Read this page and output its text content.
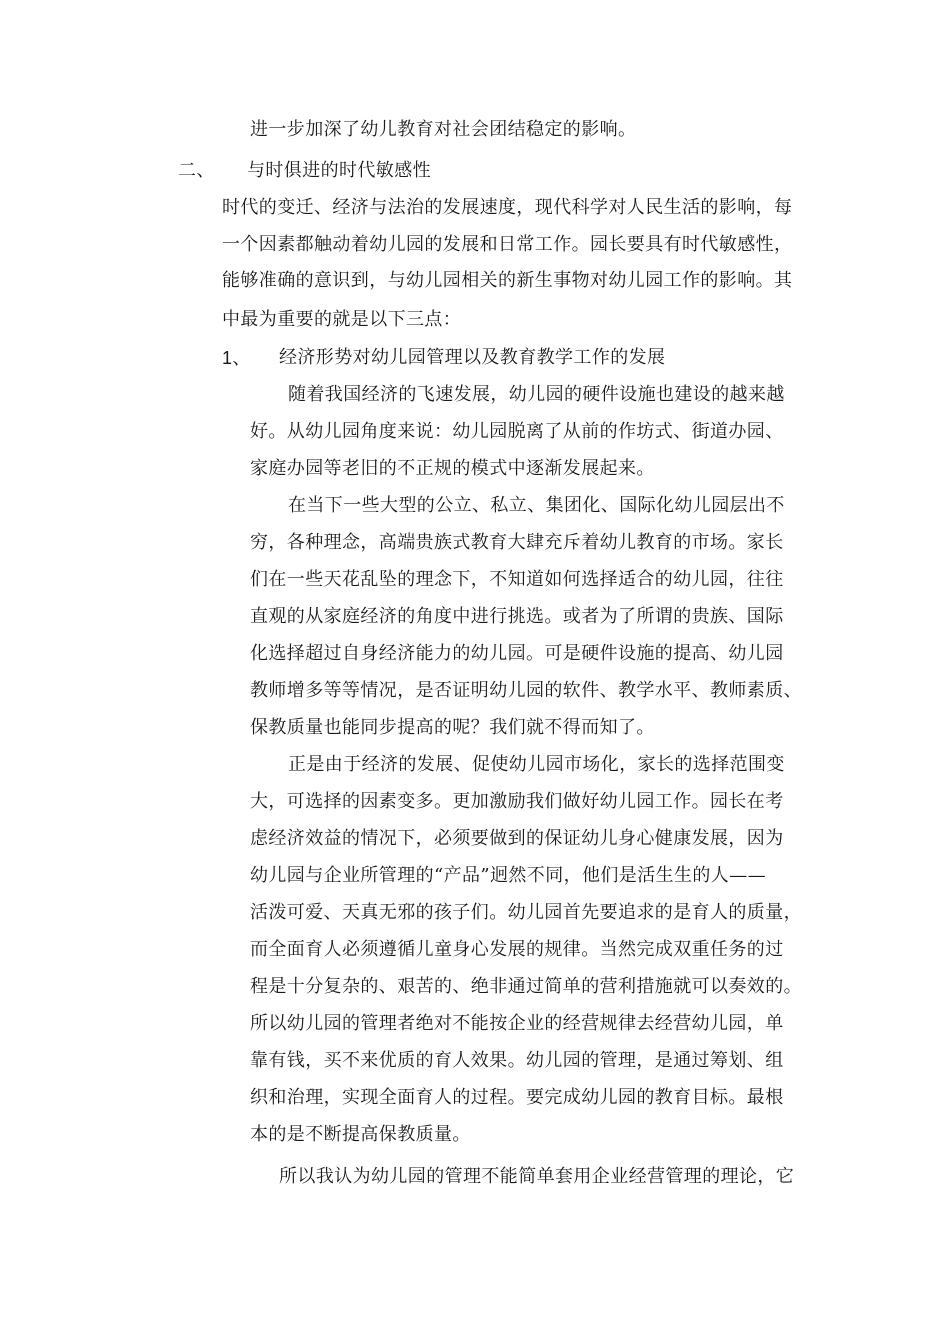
进一步加深了幼儿教育对社会团结稳定的影响。

二、 与时俱进的时代敏感性

时代的变迁、经济与法治的发展速度，现代科学对人民生活的影响，每

一个因素都触动着幼儿园的发展和日常工作。园长要具有时代敏感性，

能够准确的意识到，与幼儿园相关的新生事物对幼儿园工作的影响。其

中最为重要的就是以下三点：

1、 经济形势对幼儿园管理以及教育教学工作的发展

随着我国经济的飞速发展，幼儿园的硬件设施也建设的越来越

好。从幼儿园角度来说：幼儿园脱离了从前的作坊式、街道办园、

家庭办园等老旧的不正规的模式中逐渐发展起来。

在当下一些大型的公立、私立、集团化、国际化幼儿园层出不

穷，各种理念，高端贵族式教育大肆充斥着幼儿教育的市场。家长

们在一些天花乱坠的理念下，不知道如何选择适合的幼儿园，往往

直观的从家庭经济的角度中进行挑选。或者为了所谓的贵族、国际

化选择超过自身经济能力的幼儿园。可是硬件设施的提高、幼儿园

教师增多等等情况，是否证明幼儿园的软件、教学水平、教师素质、

保教质量也能同步提高的呢？我们就不得而知了。

正是由于经济的发展、促使幼儿园市场化，家长的选择范围变

大，可选择的因素变多。更加激励我们做好幼儿园工作。园长在考

虑经济效益的情况下，必须要做到的保证幼儿身心健康发展，因为

幼儿园与企业所管理的“产品”迥然不同，他们是活生生的人——

活泼可爱、天真无邪的孩子们。幼儿园首先要追求的是育人的质量，

而全面育人必须遵循儿童身心发展的规律。当然完成双重任务的过

程是十分复杂的、艰苦的、绝非通过简单的营利措施就可以奏效的。

所以幼儿园的管理者绝对不能按企业的经营规律去经营幼儿园，单

靠有钱，买不来优质的育人效果。幼儿园的管理，是通过筹划、组

织和治理，实现全面育人的过程。要完成幼儿园的教育目标。最根

本的是不断提高保教质量。

所以我认为幼儿园的管理不能简单套用企业经营管理的理论，它
